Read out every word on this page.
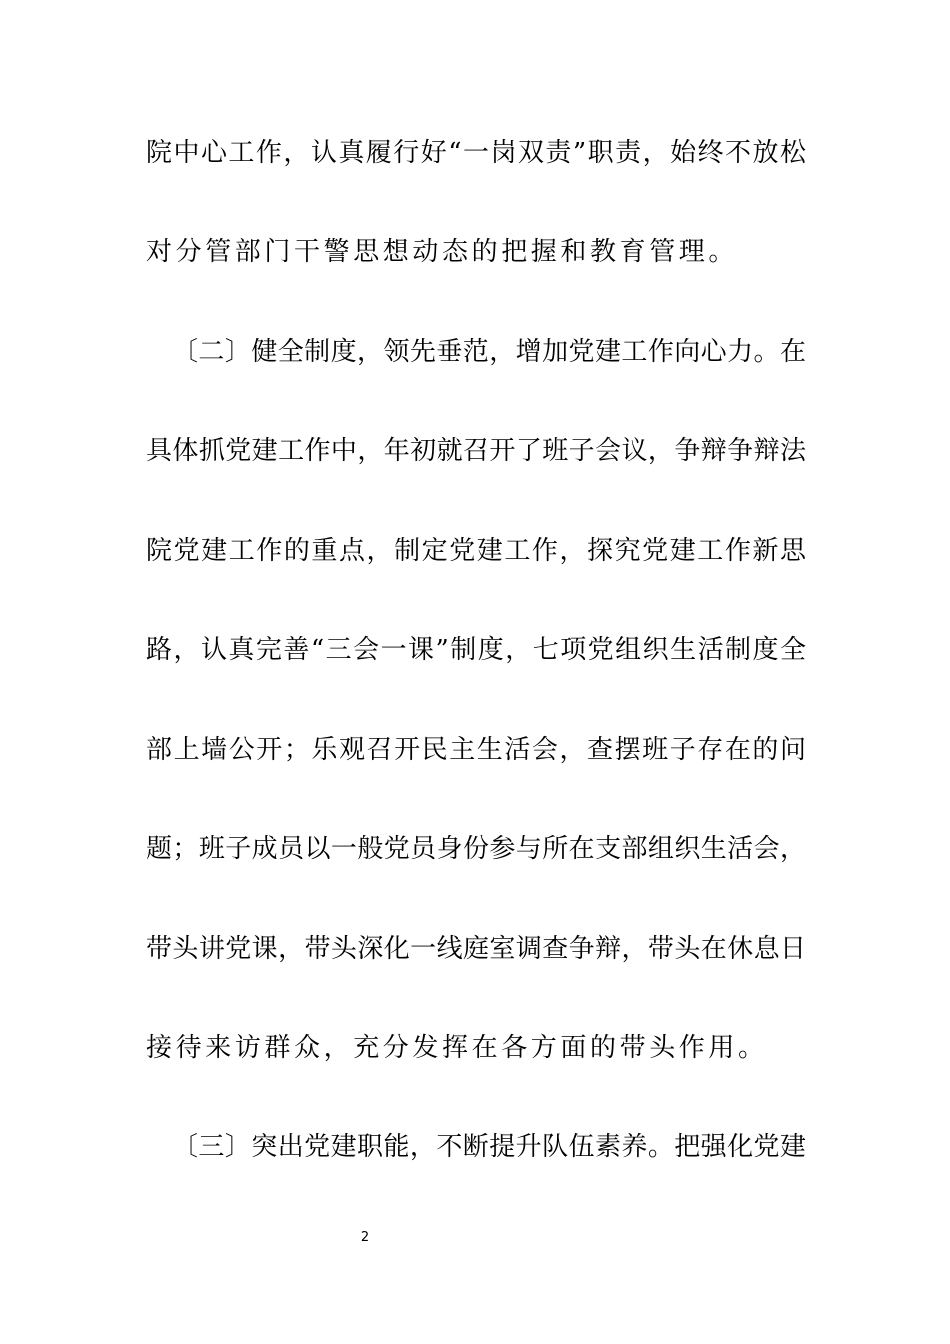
院中心工作，认真履行好“一岗双责”职责，始终不放松
对分管部门干警思想动态的把握和教育管理。
〔二〕健全制度，领先垂范，增加党建工作向心力。在
具体抓党建工作中，年初就召开了班子会议，争辩争辩法
院党建工作的重点，制定党建工作，探究党建工作新思
路，认真完善“三会一课”制度，七项党组织生活制度全
部上墙公开；乐观召开民主生活会，查摆班子存在的问
题；班子成员以一般党员身份参与所在支部组织生活会，
带头讲党课，带头深化一线庭室调查争辩，带头在休息日
接待来访群众，充分发挥在各方面的带头作用。
〔三〕突出党建职能，不断提升队伍素养。把强化党建
2
